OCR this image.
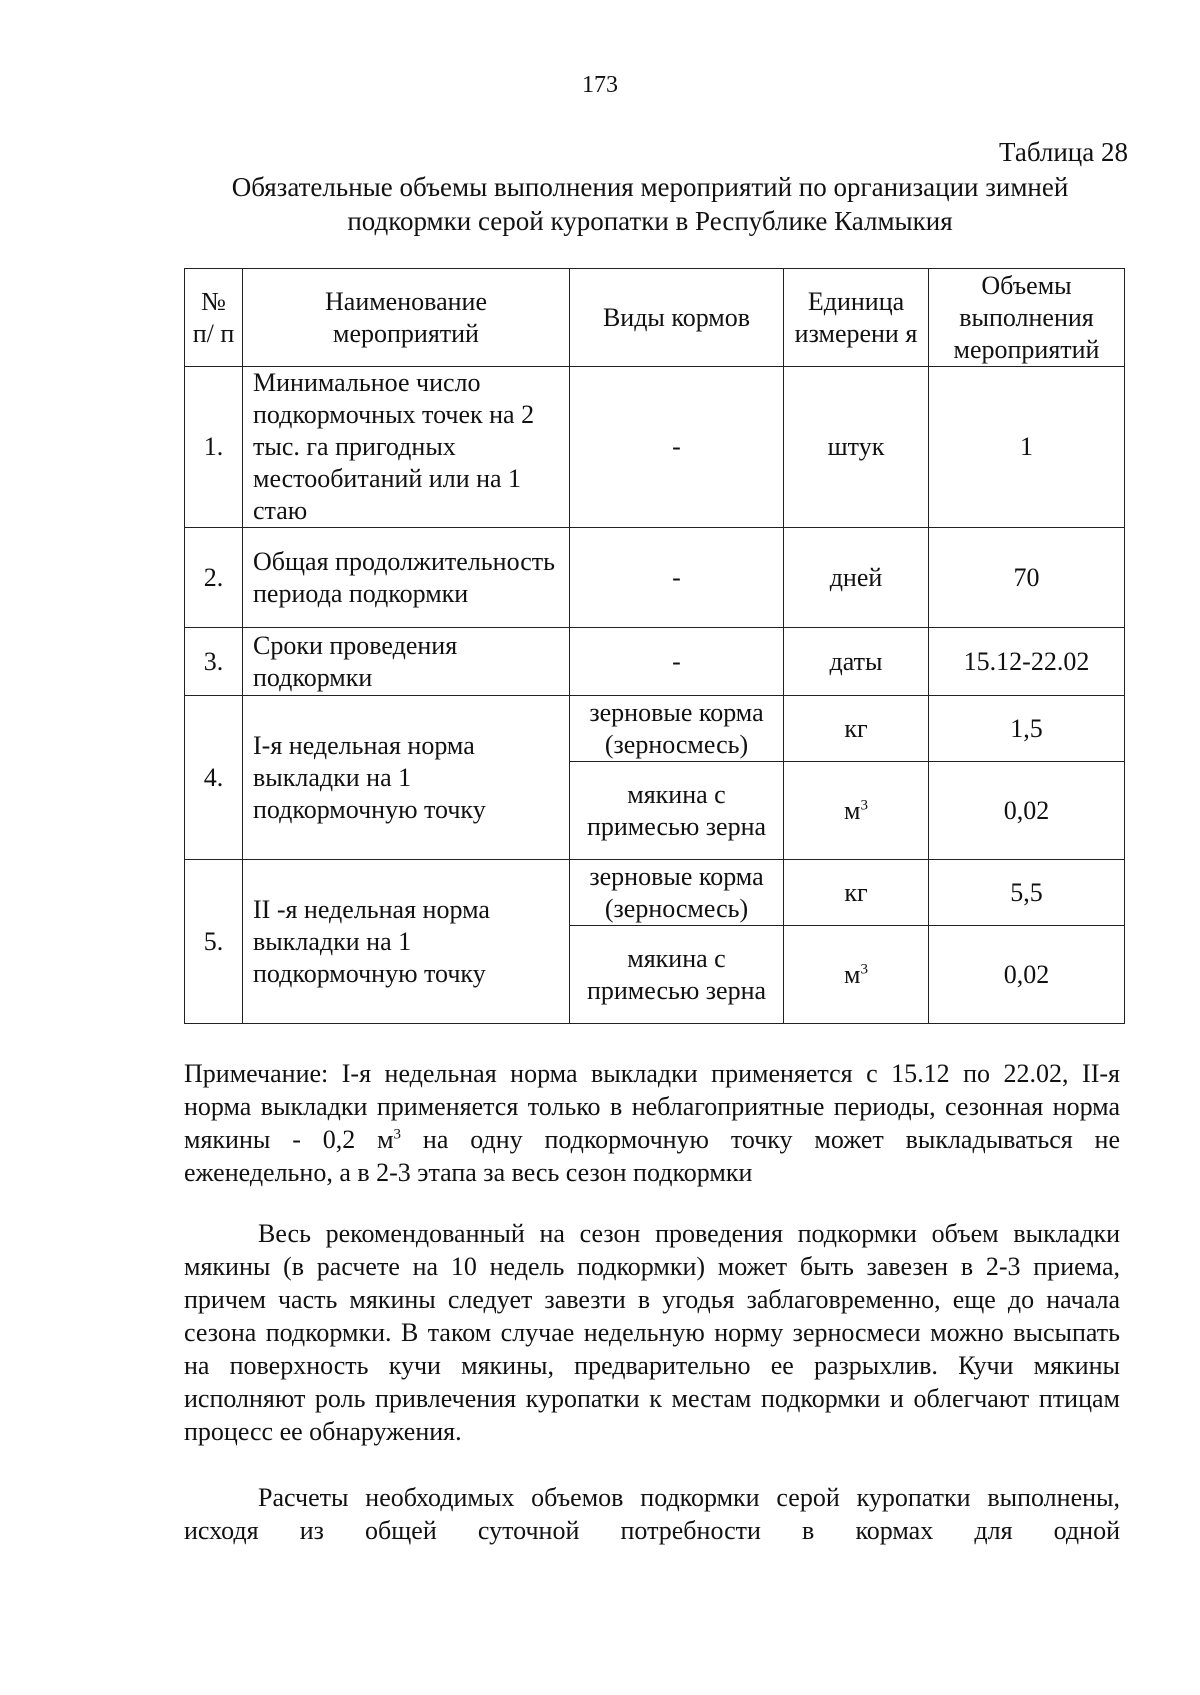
173
Таблица 28
Обязательные объемы выполнения мероприятий по организации зимней
подкормки серой куропатки в Республике Калмыкия
№ п/ п	Наименование мероприятий	Виды кормов	Единица измерени я	Объемы выполнения мероприятий
1.	Минимальное число подкормочных точек на 2 тыс. га пригодных местообитаний или на 1 стаю	-	штук	1
2.	Общая продолжительность периода подкормки	-	дней	70
3.	Сроки проведения подкормки	-	даты	15.12-22.02
4.	I-я недельная норма выкладки на 1 подкормочную точку	зерновые корма (зерносмесь)	кг	1,5
		мякина с примесью зерна	$м^3$	0,02
5.	II -я недельная норма выкладки на 1 подкормочную точку	зерновые корма (зерносмесь)	кг	5,5
		мякина с примесью зерна	$м^3$	0,02
Примечание: I-я недельная норма выкладки применяется с 15.12 по 22.02, II-я норма выкладки применяется только в неблагоприятные периоды, сезонная норма мякины - 0,2 $м^3$ на одну подкормочную точку может выкладываться не еженедельно, а в 2-3 этапа за весь сезон подкормки
Весь рекомендованный на сезон проведения подкормки объем выкладки мякины (в расчете на 10 недель подкормки) может быть завезен в 2-3 приема, причем часть мякины следует завезти в угодья заблаговременно, еще до начала сезона подкормки. В таком случае недельную норму зерносмеси можно высыпать на поверхность кучи мякины, предварительно ее разрыхлив. Кучи мякины исполняют роль привлечения куропатки к местам подкормки и облегчают птицам процесс ее обнаружения.
Расчеты необходимых объемов подкормки серой куропатки выполнены, исходя из общей суточной потребности в кормах для одной
